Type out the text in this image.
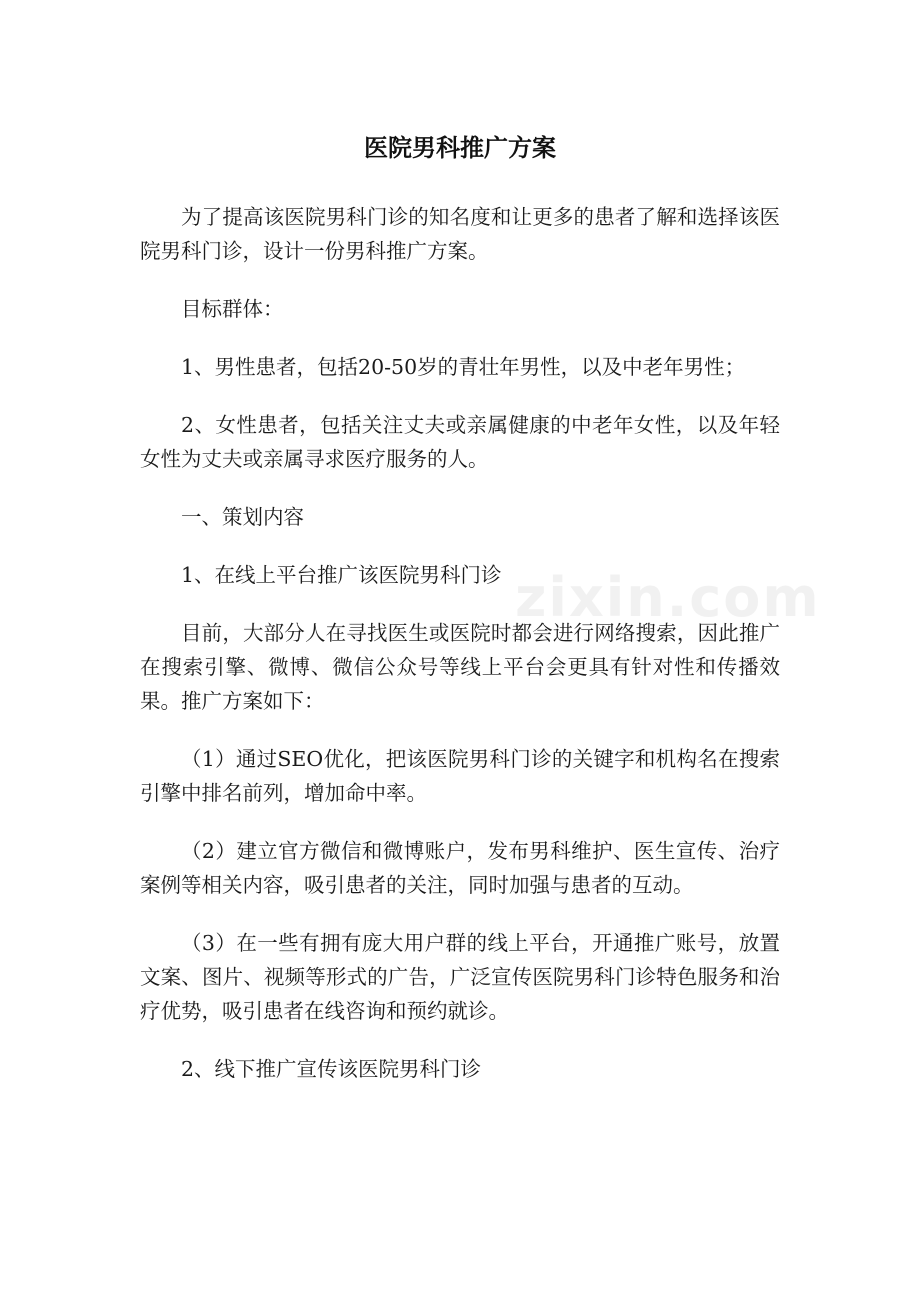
医院男科推广方案

为了提高该医院男科门诊的知名度和让更多的患者了解和选择该医院男科门诊，设计一份男科推广方案。

目标群体：

1、男性患者，包括20-50岁的青壮年男性，以及中老年男性；

2、女性患者，包括关注丈夫或亲属健康的中老年女性，以及年轻女性为丈夫或亲属寻求医疗服务的人。

一、策划内容

1、在线上平台推广该医院男科门诊

目前，大部分人在寻找医生或医院时都会进行网络搜索，因此推广在搜索引擎、微博、微信公众号等线上平台会更具有针对性和传播效果。推广方案如下：

（1）通过SEO优化，把该医院男科门诊的关键字和机构名在搜索引擎中排名前列，增加命中率。

（2）建立官方微信和微博账户，发布男科维护、医生宣传、治疗案例等相关内容，吸引患者的关注，同时加强与患者的互动。

（3）在一些有拥有庞大用户群的线上平台，开通推广账号，放置文案、图片、视频等形式的广告，广泛宣传医院男科门诊特色服务和治疗优势，吸引患者在线咨询和预约就诊。

2、线下推广宣传该医院男科门诊

zixin.com
